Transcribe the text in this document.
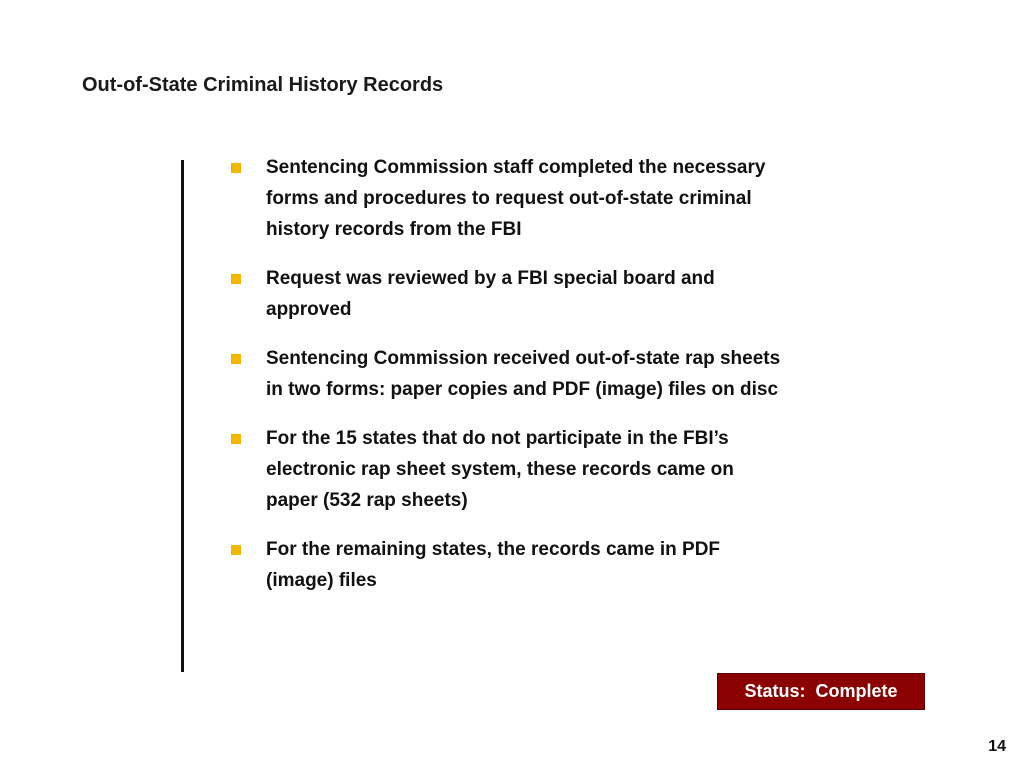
Out-of-State Criminal History Records
Sentencing Commission staff completed the necessary forms and procedures to request out-of-state criminal history records from the FBI
Request was reviewed by a FBI special board and approved
Sentencing Commission received out-of-state rap sheets in two forms: paper copies and PDF (image) files on disc
For the 15 states that do not participate in the FBI’s electronic rap sheet system, these records came on paper (532 rap sheets)
For the remaining states, the records came in PDF (image) files
Status:  Complete
14
